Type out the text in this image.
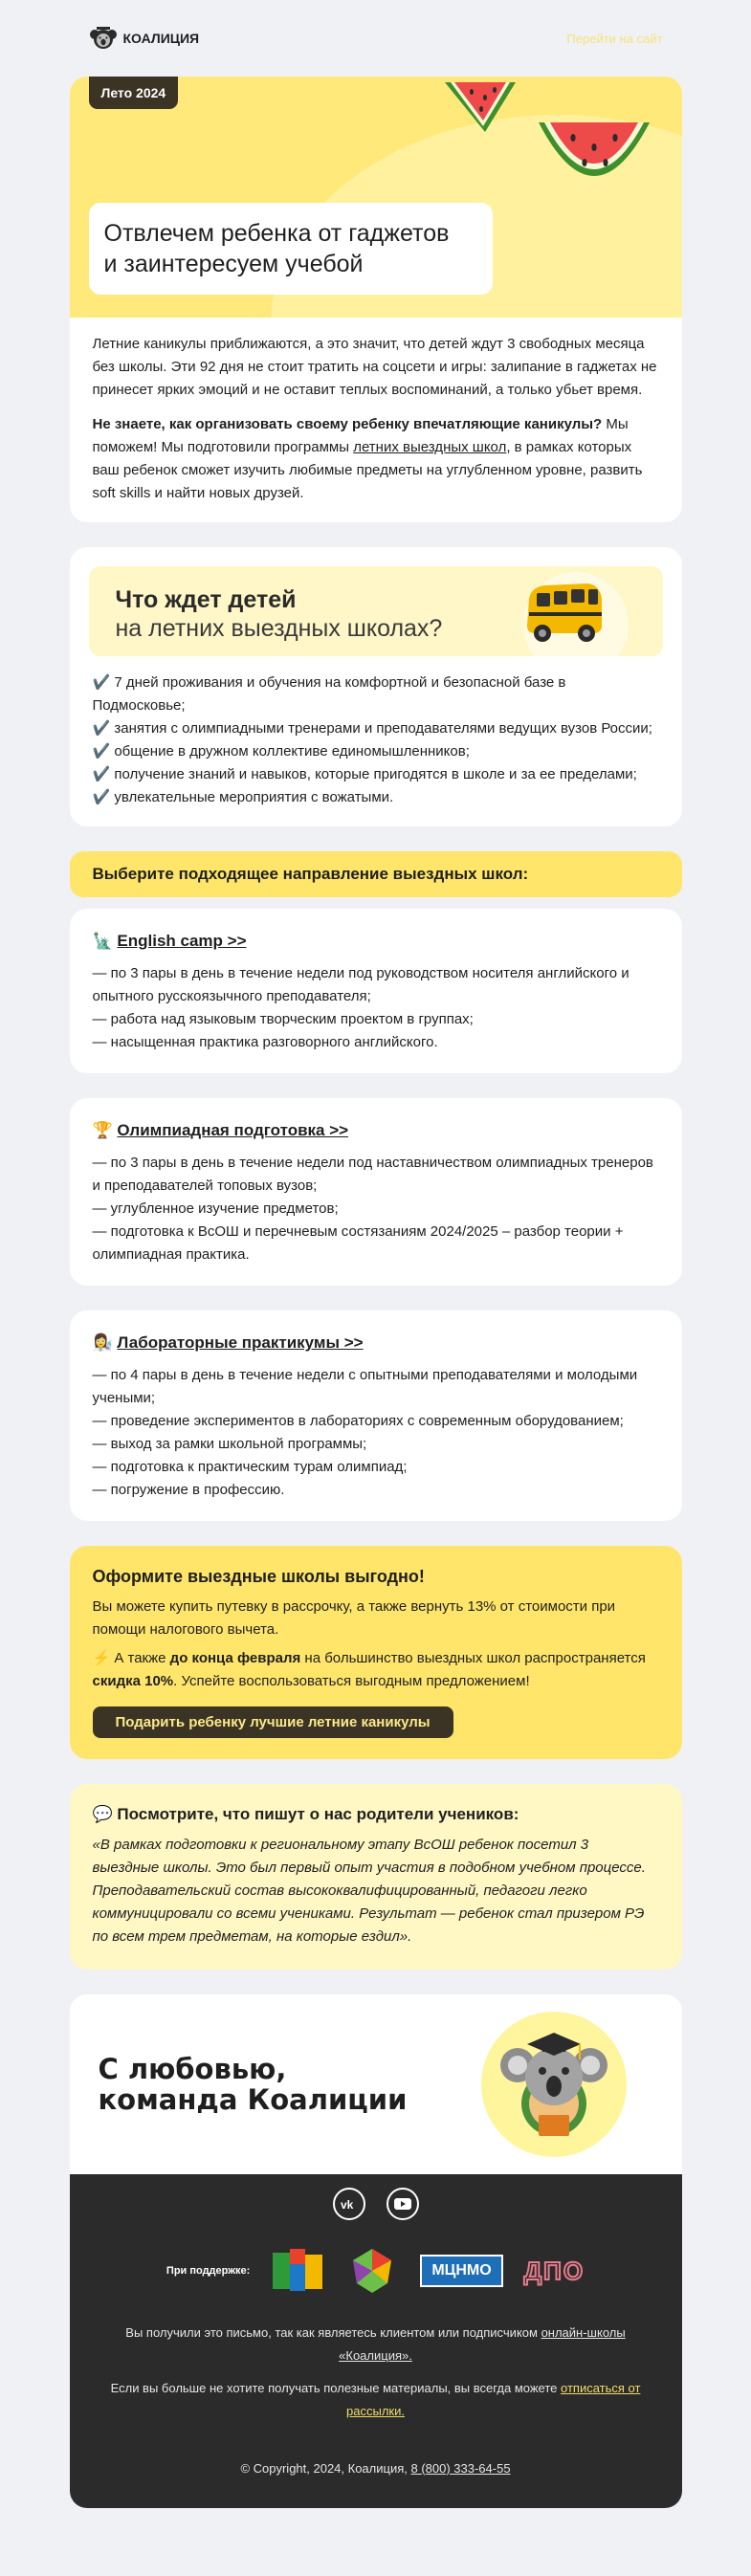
КОАЛИЦИЯ	Перейти на сайт
Лето 2024
Отвлечем ребенка от гаджетов
и заинтересуем учебой

Летние каникулы приближаются, а это значит, что детей ждут 3 свободных месяца без школы. Эти 92 дня не стоит тратить на соцсети и игры: залипание в гаджетах не принесет ярких эмоций и не оставит теплых воспоминаний, а только убьет время.

Не знаете, как организовать своему ребенку впечатляющие каникулы? Мы поможем! Мы подготовили программы летних выездных школ, в рамках которых ваш ребенок сможет изучить любимые предметы на углубленном уровне, развить soft skills и найти новых друзей.

Что ждет детей
на летних выездных школах?
✔️ 7 дней проживания и обучения на комфортной и безопасной базе в Подмосковье;
✔️ занятия с олимпиадными тренерами и преподавателями ведущих вузов России;
✔️ общение в дружном коллективе единомышленников;
✔️ получение знаний и навыков, которые пригодятся в школе и за ее пределами;
✔️ увлекательные мероприятия с вожатыми.
Выберите подходящее направление выездных школ:
🗽 English camp >>
— по 3 пары в день в течение недели под руководством носителя английского и опытного русскоязычного преподавателя;
— работа над языковым творческим проектом в группах;
— насыщенная практика разговорного английского.
🏆 Олимпиадная подготовка >>
— по 3 пары в день в течение недели под наставничеством олимпиадных тренеров и преподавателей топовых вузов;
— углубленное изучение предметов;
— подготовка к ВсОШ и перечневым состязаниям 2024/2025 – разбор теории + олимпиадная практика.
👩‍🔬 Лабораторные практикумы >>
— по 4 пары в день в течение недели с опытными преподавателями и молодыми учеными;
— проведение экспериментов в лабораториях с современным оборудованием;
— выход за рамки школьной программы;
— подготовка к практическим турам олимпиад;
— погружение в профессию.
Оформите выездные школы выгодно!

Вы можете купить путевку в рассрочку, а также вернуть 13% от стоимости при помощи налогового вычета.

⚡ А также до конца февраля на большинство выездных школ распространяется скидка 10%. Успейте воспользоваться выгодным предложением!

Подарить ребенку лучшие летние каникулы
💬 Посмотрите, что пишут о нас родители учеников:
«В рамках подготовки к региональному этапу ВсОШ ребенок посетил 3 выездные школы. Это был первый опыт участия в подобном учебном процессе. Преподавательский состав высококвалифицированный, педагоги легко коммуницировали со всеми учениками. Результат — ребенок стал призером РЭ по всем трем предметам, на которые ездил».
С любовью,
команда Коалиции
vk
При поддержке:	МЦНМО	ДПО

Вы получили это письмо, так как являетесь клиентом или подписчиком онлайн-школы «Коалиция».

Если вы больше не хотите получать полезные материалы, вы всегда можете отписаться от рассылки.

© Copyright, 2024, Коалиция, 8 (800) 333-64-55
